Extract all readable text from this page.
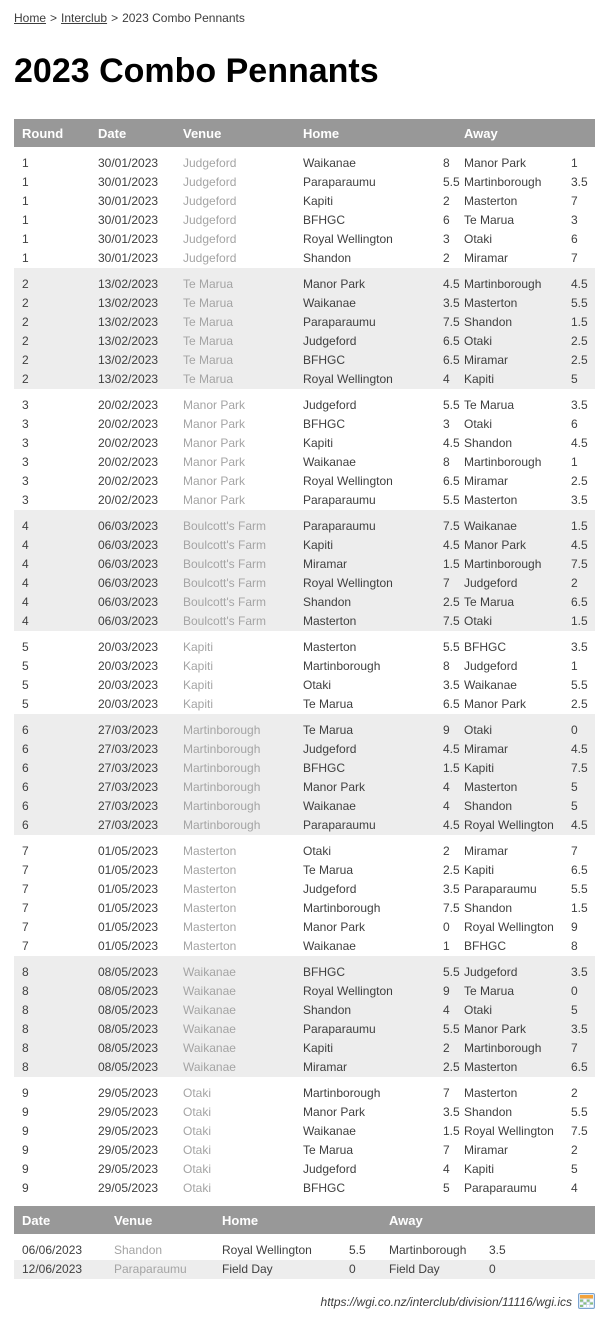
Home > Interclub > 2023 Combo Pennants
2023 Combo Pennants
Round	Date	Venue	Home		Away	
1	30/01/2023	Judgeford	Waikanae	8	Manor Park	1
1	30/01/2023	Judgeford	Paraparaumu	5.5	Martinborough	3.5
1	30/01/2023	Judgeford	Kapiti	2	Masterton	7
1	30/01/2023	Judgeford	BFHGC	6	Te Marua	3
1	30/01/2023	Judgeford	Royal Wellington	3	Otaki	6
1	30/01/2023	Judgeford	Shandon	2	Miramar	7
2	13/02/2023	Te Marua	Manor Park	4.5	Martinborough	4.5
2	13/02/2023	Te Marua	Waikanae	3.5	Masterton	5.5
2	13/02/2023	Te Marua	Paraparaumu	7.5	Shandon	1.5
2	13/02/2023	Te Marua	Judgeford	6.5	Otaki	2.5
2	13/02/2023	Te Marua	BFHGC	6.5	Miramar	2.5
2	13/02/2023	Te Marua	Royal Wellington	4	Kapiti	5
3	20/02/2023	Manor Park	Judgeford	5.5	Te Marua	3.5
3	20/02/2023	Manor Park	BFHGC	3	Otaki	6
3	20/02/2023	Manor Park	Kapiti	4.5	Shandon	4.5
3	20/02/2023	Manor Park	Waikanae	8	Martinborough	1
3	20/02/2023	Manor Park	Royal Wellington	6.5	Miramar	2.5
3	20/02/2023	Manor Park	Paraparaumu	5.5	Masterton	3.5
4	06/03/2023	Boulcott's Farm	Paraparaumu	7.5	Waikanae	1.5
4	06/03/2023	Boulcott's Farm	Kapiti	4.5	Manor Park	4.5
4	06/03/2023	Boulcott's Farm	Miramar	1.5	Martinborough	7.5
4	06/03/2023	Boulcott's Farm	Royal Wellington	7	Judgeford	2
4	06/03/2023	Boulcott's Farm	Shandon	2.5	Te Marua	6.5
4	06/03/2023	Boulcott's Farm	Masterton	7.5	Otaki	1.5
5	20/03/2023	Kapiti	Masterton	5.5	BFHGC	3.5
5	20/03/2023	Kapiti	Martinborough	8	Judgeford	1
5	20/03/2023	Kapiti	Otaki	3.5	Waikanae	5.5
5	20/03/2023	Kapiti	Te Marua	6.5	Manor Park	2.5
6	27/03/2023	Martinborough	Te Marua	9	Otaki	0
6	27/03/2023	Martinborough	Judgeford	4.5	Miramar	4.5
6	27/03/2023	Martinborough	BFHGC	1.5	Kapiti	7.5
6	27/03/2023	Martinborough	Manor Park	4	Masterton	5
6	27/03/2023	Martinborough	Waikanae	4	Shandon	5
6	27/03/2023	Martinborough	Paraparaumu	4.5	Royal Wellington	4.5
7	01/05/2023	Masterton	Otaki	2	Miramar	7
7	01/05/2023	Masterton	Te Marua	2.5	Kapiti	6.5
7	01/05/2023	Masterton	Judgeford	3.5	Paraparaumu	5.5
7	01/05/2023	Masterton	Martinborough	7.5	Shandon	1.5
7	01/05/2023	Masterton	Manor Park	0	Royal Wellington	9
7	01/05/2023	Masterton	Waikanae	1	BFHGC	8
8	08/05/2023	Waikanae	BFHGC	5.5	Judgeford	3.5
8	08/05/2023	Waikanae	Royal Wellington	9	Te Marua	0
8	08/05/2023	Waikanae	Shandon	4	Otaki	5
8	08/05/2023	Waikanae	Paraparaumu	5.5	Manor Park	3.5
8	08/05/2023	Waikanae	Kapiti	2	Martinborough	7
8	08/05/2023	Waikanae	Miramar	2.5	Masterton	6.5
9	29/05/2023	Otaki	Martinborough	7	Masterton	2
9	29/05/2023	Otaki	Manor Park	3.5	Shandon	5.5
9	29/05/2023	Otaki	Waikanae	1.5	Royal Wellington	7.5
9	29/05/2023	Otaki	Te Marua	7	Miramar	2
9	29/05/2023	Otaki	Judgeford	4	Kapiti	5
9	29/05/2023	Otaki	BFHGC	5	Paraparaumu	4
Date	Venue	Home		Away	
06/06/2023	Shandon	Royal Wellington	5.5	Martinborough	3.5
12/06/2023	Paraparaumu	Field Day	0	Field Day	0
https://wgi.co.nz/interclub/division/11116/wgi.ics
